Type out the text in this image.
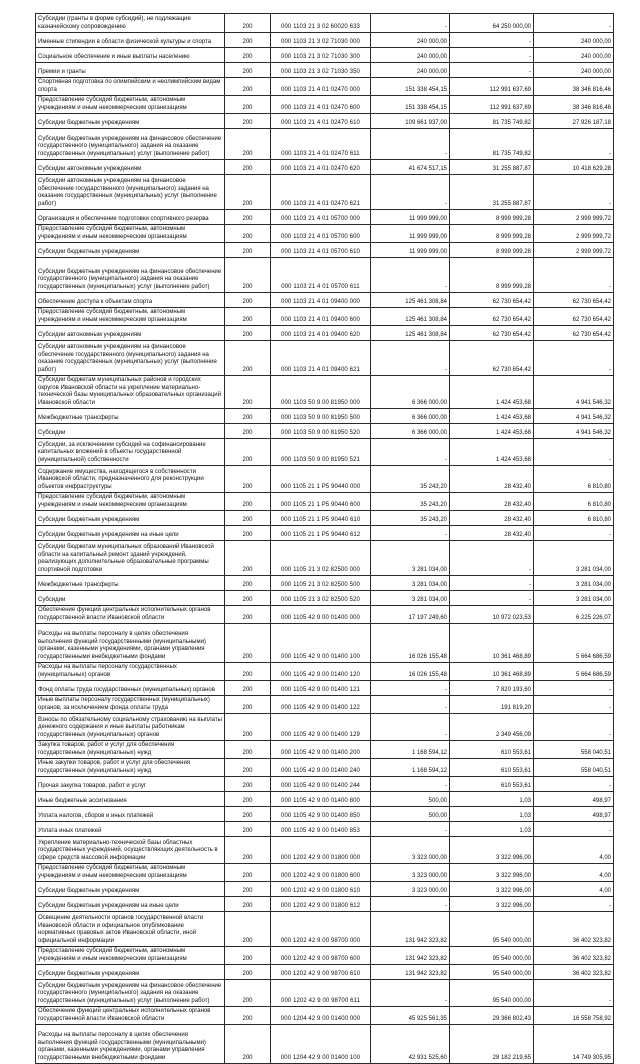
Субсидии (гранты в форме субсидий), не подлежащие казначейскому сопровождению	200	000 1103 21 3 02 60020 633	-	64 250 000,00	-
Именные стипендии в области физической культуры и спорта	200	000 1103 21 3 02 71030 000	240 000,00	-	240 000,00
Социальное обеспечение и иные выплаты населению	200	000 1103 21 3 02 71030 300	240 000,00	-	240 000,00
Премии и гранты	200	000 1103 21 3 02 71030 350	240 000,00	-	240 000,00
Спортивная подготовка по олимпийским и неолимпийским видам спорта	200	000 1103 21 4 01 02470 000	151 338 454,15	112 991 637,69	38 346 816,46
Предоставление субсидий бюджетным, автономным учреждениям и иным некоммерческим организациям	200	000 1103 21 4 01 02470 600	151 338 454,15	112 991 637,69	38 346 816,46
Субсидии бюджетным учреждениям	200	000 1103 21 4 01 02470 610	109 661 937,00	81 735 749,82	27 926 187,18
Субсидии бюджетным учреждениям на финансовое обеспечение государственного (муниципального) задания на оказание государственных (муниципальных) услуг (выполнение работ)	200	000 1103 21 4 01 02470 611	-	81 735 749,82	-
Субсидии автономным учреждениям	200	000 1103 21 4 01 02470 620	41 674 517,15	31 255 887,87	10 418 629,28
Субсидии автономным учреждениям на финансовое обеспечение государственного (муниципального) задания на оказание государственных (муниципальных) услуг (выполнение работ)	200	000 1103 21 4 01 02470 621	-	31 255 887,87	-
Организация и обеспечение подготовки спортивного резерва	200	000 1103 21 4 01 05700 000	11 999 999,00	8 999 999,28	2 999 999,72
Предоставление субсидий бюджетным, автономным учреждениям и иным некоммерческим организациям	200	000 1103 21 4 01 05700 600	11 999 999,00	8 999 999,28	2 999 999,72
Субсидии бюджетным учреждениям	200	000 1103 21 4 01 05700 610	11 999 999,00	8 999 999,28	2 999 999,72
Субсидии бюджетным учреждениям на финансовое обеспечение государственного (муниципального) задания на оказание государственных (муниципальных) услуг (выполнение работ)	200	000 1103 21 4 01 05700 611	-	8 999 999,28	-
Обеспечение доступа к объектам спорта	200	000 1103 21 4 01 09400 000	125 461 308,84	62 730 654,42	62 730 654,42
Предоставление субсидий бюджетным, автономным учреждениям и иным некоммерческим организациям	200	000 1103 21 4 01 09400 600	125 461 308,84	62 730 654,42	62 730 654,42
Субсидии автономным учреждениям	200	000 1103 21 4 01 09400 620	125 461 308,84	62 730 654,42	62 730 654,42
Субсидии автономным учреждениям на финансовое обеспечение государственного (муниципального) задания на оказание государственных (муниципальных) услуг (выполнение работ)	200	000 1103 21 4 01 09400 621	-	62 730 654,42	-
Субсидии бюджетам муниципальных районов и городских округов Ивановской области на укрепление материально-технической базы муниципальных образовательных организаций Ивановской области	200	000 1103 50 9 00 81950 000	6 366 000,00	1 424 453,68	4 941 546,32
Межбюджетные трансферты	200	000 1103 50 9 00 81950 500	6 366 000,00	1 424 453,68	4 941 546,32
Субсидии	200	000 1103 50 9 00 81950 520	6 366 000,00	1 424 453,68	4 941 546,32
Субсидии, за исключением субсидий на софинансирование капитальных вложений в объекты государственной (муниципальной) собственности	200	000 1103 50 9 00 81950 521	-	1 424 453,68	-
Содержание имущества, находящегося в собственности Ивановской области, предназначенного для реконструкции объектов инфраструктуры	200	000 1105 21 1 Р5 90440 000	35 243,20	28 432,40	6 810,80
Предоставление субсидий бюджетным, автономным учреждениям и иным некоммерческим организациям	200	000 1105 21 1 Р5 90440 600	35 243,20	28 432,40	6 810,80
Субсидии бюджетным учреждениям	200	000 1105 21 1 Р5 90440 610	35 243,20	28 432,40	6 810,80
Субсидии бюджетным учреждениям на иные цели	200	000 1105 21 1 Р5 90440 612	-	28 432,40	-
Субсидии бюджетам муниципальных образований Ивановской области на капитальный ремонт зданий учреждений, реализующих дополнительные образовательные программы спортивной подготовки	200	000 1105 21 3 02 82500 000	3 281 034,00	-	3 281 034,00
Межбюджетные трансферты	200	000 1105 21 3 02 82500 500	3 281 034,00	-	3 281 034,00
Субсидии	200	000 1105 21 3 02 82500 520	3 281 034,00	-	3 281 034,00
Обеспечение функций центральных исполнительных органов государственной власти Ивановской области	200	000 1105 42 9 00 01400 000	17 197 249,60	10 972 023,53	6 225 226,07
Расходы на выплаты персоналу в целях обеспечения выполнения функций государственными (муниципальными) органами, казенными учреждениями, органами управления государственными внебюджетными фондами	200	000 1105 42 9 00 01400 100	16 026 155,48	10 361 468,89	5 664 686,59
Расходы на выплаты персоналу государственных (муниципальных) органов	200	000 1105 42 9 00 01400 120	16 026 155,48	10 361 468,89	5 664 686,59
Фонд оплаты труда государственных (муниципальных) органов	200	000 1105 42 9 00 01400 121	-	7 820 193,60	-
Иные выплаты персоналу государственных (муниципальных) органов, за исключением фонда оплаты труда	200	000 1105 42 9 00 01400 122	-	191 819,20	-
Взносы по обязательному социальному страхованию на выплаты денежного содержания и иные выплаты работникам государственных (муниципальных) органов	200	000 1105 42 9 00 01400 129	-	2 349 456,09	-
Закупка товаров, работ и услуг для обеспечения государственных (муниципальных) нужд	200	000 1105 42 9 00 01400 200	1 168 594,12	610 553,61	558 040,51
Иные закупки товаров, работ и услуг для обеспечения государственных (муниципальных) нужд	200	000 1105 42 9 00 01400 240	1 168 594,12	610 553,61	558 040,51
Прочая закупка товаров, работ и услуг	200	000 1105 42 9 00 01400 244	-	610 553,61	-
Иные бюджетные ассигнования	200	000 1105 42 9 00 01400 800	500,00	1,03	498,97
Уплата налогов, сборов и иных платежей	200	000 1105 42 9 00 01400 850	500,00	1,03	498,97
Уплата иных платежей	200	000 1105 42 9 00 01400 853	-	1,03	-
Укрепление материально-технической базы областных государственных учреждений, осуществляющих деятельность в сфере средств массовой информации	200	000 1202 42 9 00 01800 000	3 323 000,00	3 322 996,00	4,00
Предоставление субсидий бюджетным, автономным учреждениям и иным некоммерческим организациям	200	000 1202 42 9 00 01800 600	3 323 000,00	3 322 996,00	4,00
Субсидии бюджетным учреждениям	200	000 1202 42 9 00 01800 610	3 323 000,00	3 322 996,00	4,00
Субсидии бюджетным учреждениям на иные цели	200	000 1202 42 9 00 01800 612	-	3 322 996,00	-
Освещение деятельности органов государственной власти Ивановской области и официальное опубликование нормативных правовых актов Ивановской области, иной официальной информации	200	000 1202 42 9 00 98700 000	131 942 323,82	95 540 000,00	36 402 323,82
Предоставление субсидий бюджетным, автономным учреждениям и иным некоммерческим организациям	200	000 1202 42 9 00 98700 600	131 942 323,82	95 540 000,00	36 402 323,82
Субсидии бюджетным учреждениям	200	000 1202 42 9 00 98700 610	131 942 323,82	95 540 000,00	36 402 323,82
Субсидии бюджетным учреждениям на финансовое обеспечение государственного (муниципального) задания на оказание государственных (муниципальных) услуг (выполнение работ)	200	000 1202 42 9 00 98700 611	-	95 540 000,00	-
Обеспечение функций центральных исполнительных органов государственной власти Ивановской области	200	000 1204 42 9 00 01400 000	45 925 561,35	29 366 802,43	16 558 758,92
Расходы на выплаты персоналу в целях обеспечения выполнения функций государственными (муниципальными) органами, казенными учреждениями, органами управления государственными внебюджетными фондами	200	000 1204 42 9 00 01400 100	42 931 525,60	28 182 219,65	14 749 305,95
